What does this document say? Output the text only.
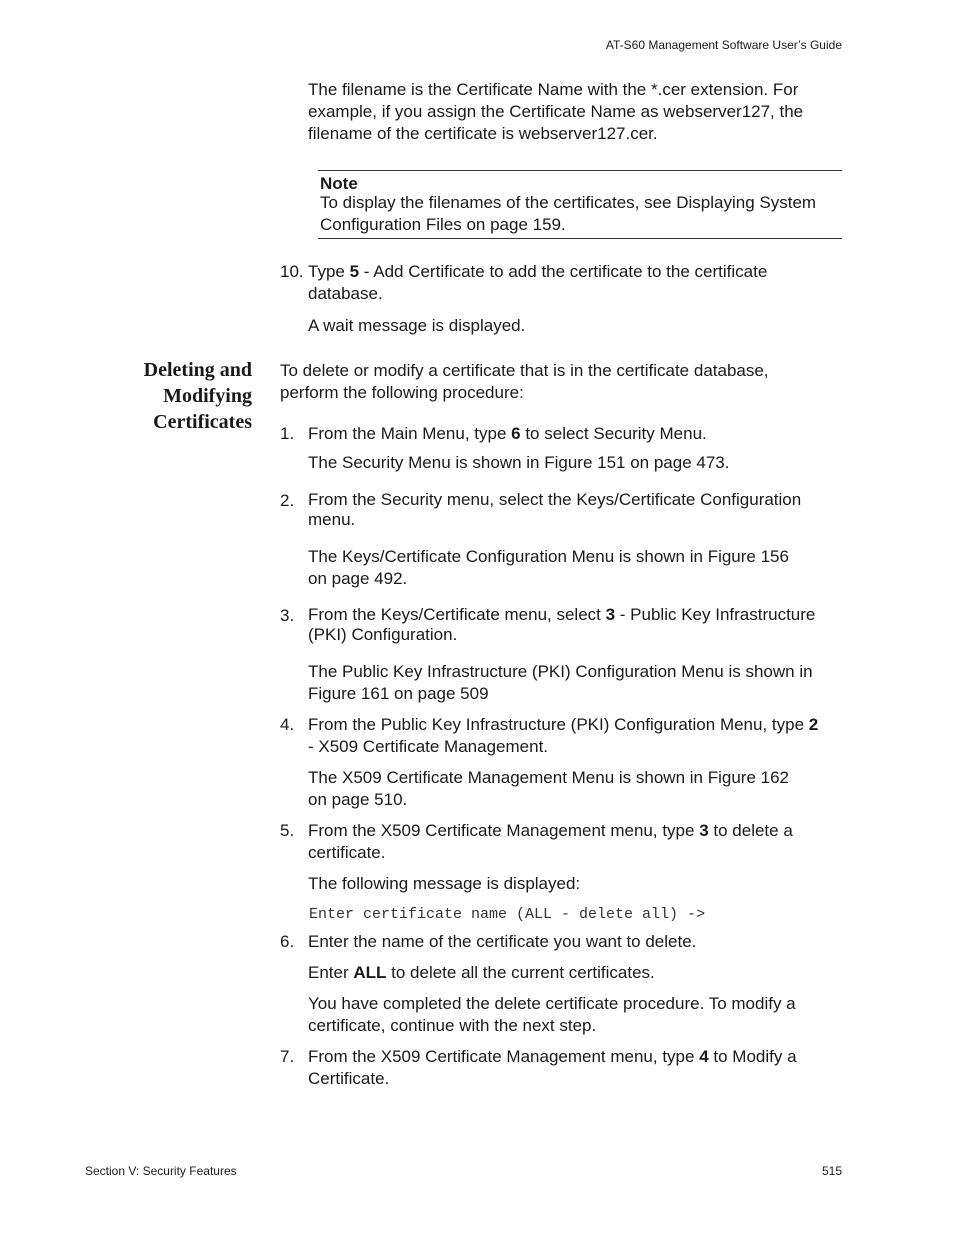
AT-S60 Management Software User’s Guide

The filename is the Certificate Name with the *.cer extension. For example, if you assign the Certificate Name as webserver127, the filename of the certificate is webserver127.cer.

Note

To display the filenames of the certificates, see Displaying System Configuration Files on page 159.

10. Type 5 - Add Certificate to add the certificate to the certificate database.

A wait message is displayed.

Deleting and
Modifying
Certificates

To delete or modify a certificate that is in the certificate database, perform the following procedure:

1. From the Main Menu, type 6 to select Security Menu.

The Security Menu is shown in Figure 151 on page 473.

2. From the Security menu, select the Keys/Certificate Configuration menu.

The Keys/Certificate Configuration Menu is shown in Figure 156 on page 492.

3. From the Keys/Certificate menu, select 3 - Public Key Infrastructure (PKI) Configuration.

The Public Key Infrastructure (PKI) Configuration Menu is shown in Figure 161 on page 509

4. From the Public Key Infrastructure (PKI) Configuration Menu, type 2 - X509 Certificate Management.

The X509 Certificate Management Menu is shown in Figure 162 on page 510.

5. From the X509 Certificate Management menu, type 3 to delete a certificate.

The following message is displayed:

Enter certificate name (ALL - delete all) ->
6. Enter the name of the certificate you want to delete.

Enter ALL to delete all the current certificates.

You have completed the delete certificate procedure. To modify a certificate, continue with the next step.

7. From the X509 Certificate Management menu, type 4 to Modify a Certificate.

Section V: Security Features	515
